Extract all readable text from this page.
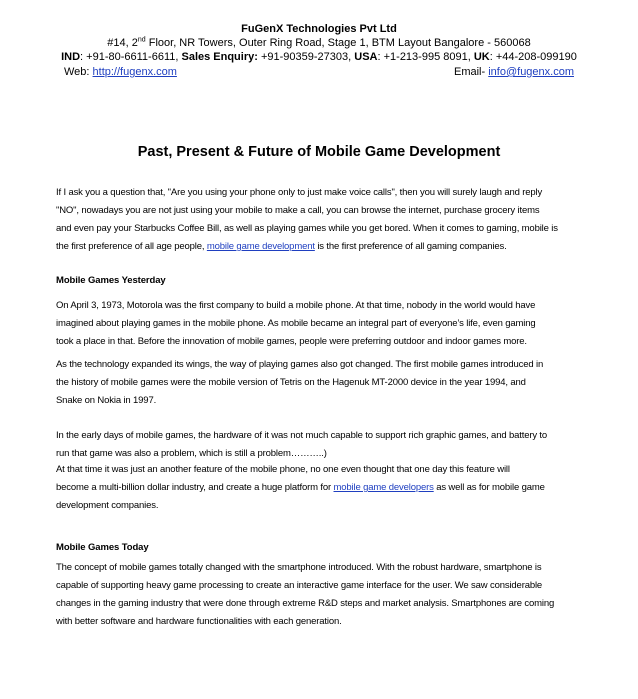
FuGenX Technologies Pvt Ltd
#14, 2nd Floor, NR Towers, Outer Ring Road, Stage 1, BTM Layout Bangalore - 560068
IND: +91-80-6611-6611, Sales Enquiry: +91-90359-27303, USA: +1-213-995 8091, UK: +44-208-099190
Web: http://fugenx.com	Email- info@fugenx.com
Past, Present & Future of Mobile Game Development
If I ask you a question that, "Are you using your phone only to just make voice calls", then you will surely laugh and reply
"NO", nowadays you are not just using your mobile to make a call, you can browse the internet, purchase grocery items
and even pay your Starbucks Coffee Bill, as well as playing games while you get bored. When it comes to gaming, mobile is
the first preference of all age people, mobile game development is the first preference of all gaming companies.
Mobile Games Yesterday
On April 3, 1973, Motorola was the first company to build a mobile phone. At that time, nobody in the world would have
imagined about playing games in the mobile phone. As mobile became an integral part of everyone’s life, even gaming
took a place in that. Before the innovation of mobile games, people were preferring outdoor and indoor games more.
As the technology expanded its wings, the way of playing games also got changed. The first mobile games introduced in
the history of mobile games were the mobile version of Tetris on the Hagenuk MT-2000 device in the year 1994, and
Snake on Nokia in 1997.
In the early days of mobile games, the hardware of it was not much capable to support rich graphic games, and battery to
run that game was also a problem, which is still a problem………..)
At that time it was just an another feature of the mobile phone, no one even thought that one day this feature will
become a multi-billion dollar industry, and create a huge platform for mobile game developers as well as for mobile game
development companies.
Mobile Games Today
The concept of mobile games totally changed with the smartphone introduced. With the robust hardware, smartphone is
capable of supporting heavy game processing to create an interactive game interface for the user. We saw considerable
changes in the gaming industry that were done through extreme R&D steps and market analysis. Smartphones are coming
with better software and hardware functionalities with each generation.
